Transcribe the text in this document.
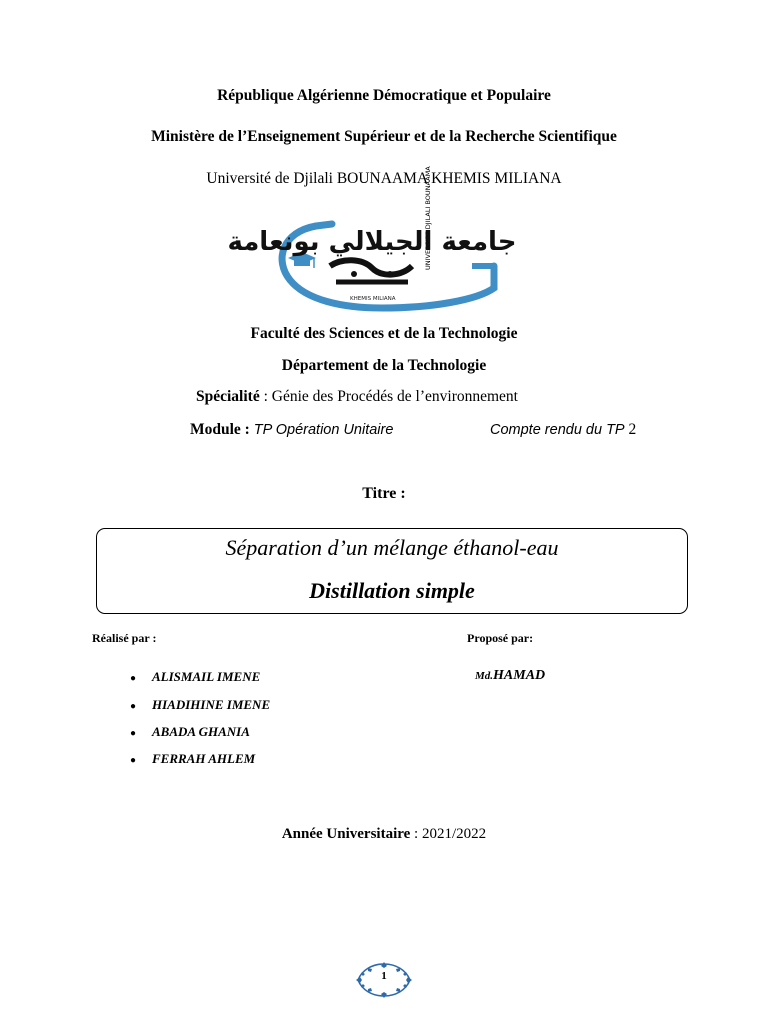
République Algérienne Démocratique et Populaire
Ministère de l’Enseignement Supérieur et de la Recherche Scientifique
Université de Djilali BOUNAAMA KHEMIS MILIANA
UNIVERSITE DJILALI BOUNAAMA
جامعة الجيلالي بونعامة
KHEMIS MILIANA
Faculté des Sciences et de la Technologie
Département de la Technologie
Spécialité : Génie des Procédés de l’environnement
Module : TP Opération Unitaire	Compte rendu du TP 2
Titre :
Séparation d’un mélange éthanol-eau
Distillation simple
Réalisé par :	Proposé par:
● ALISMAIL IMENE
● HIADIHINE IMENE
● ABADA GHANIA
● FERRAH AHLEM
Md.HAMAD
Année Universitaire : 2021/2022
1
